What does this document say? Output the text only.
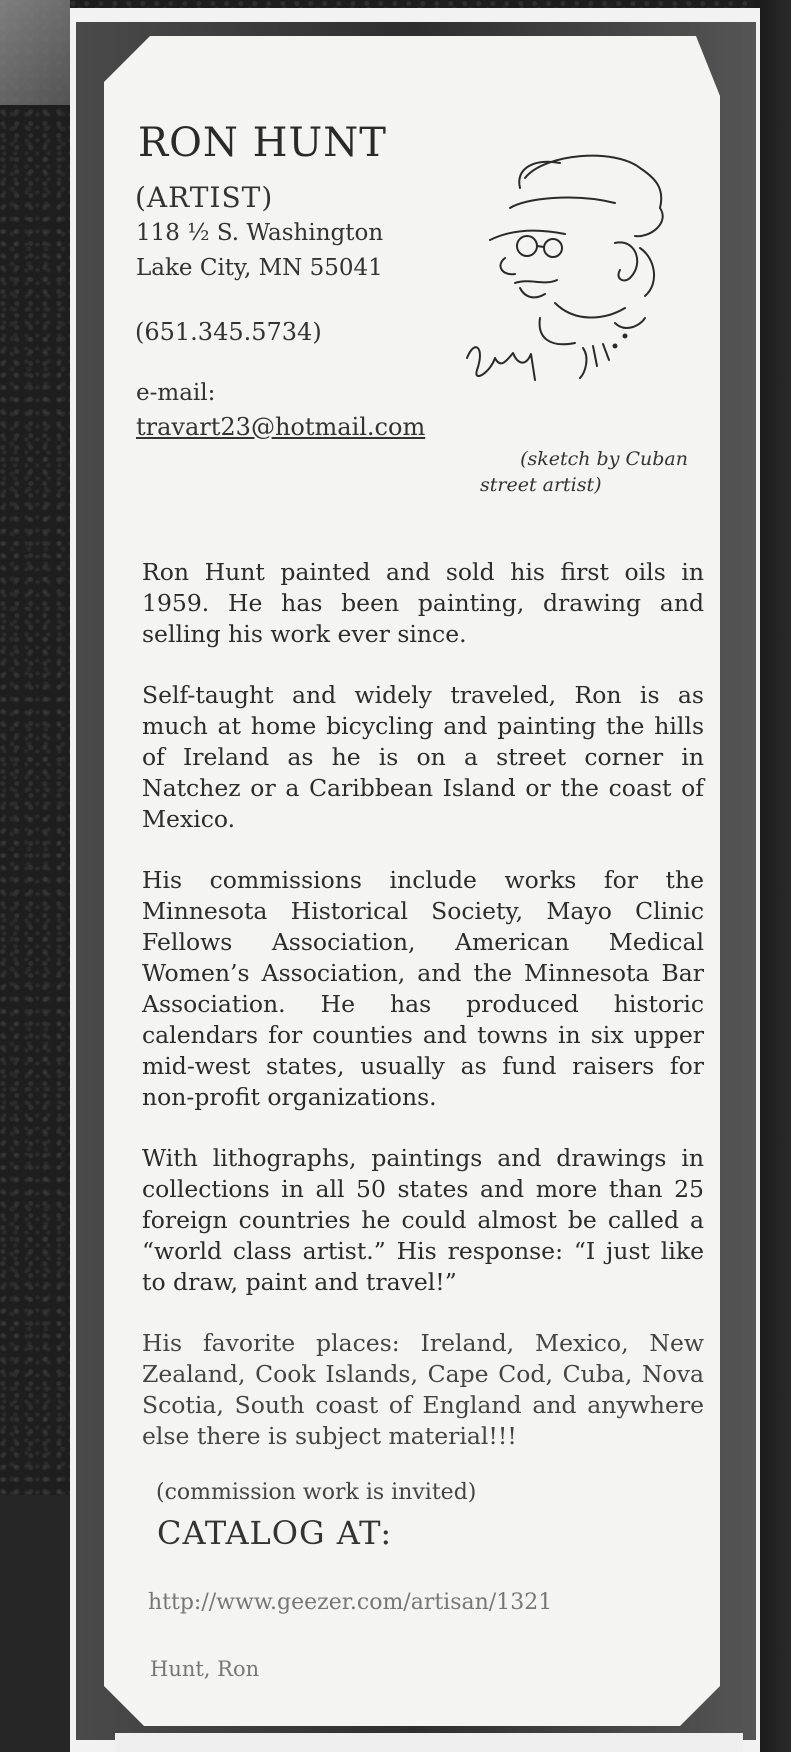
RON HUNT
(ARTIST)
118 ½ S. Washington
Lake City, MN 55041
(651.345.5734)
e-mail:
travart23@hotmail.com
(sketch by Cuban
street artist)

Ron Hunt painted and sold his first oils in 1959. He has been painting, drawing and selling his work ever since.

Self-taught and widely traveled, Ron is as much at home bicycling and painting the hills of Ireland as he is on a street corner in Natchez or a Caribbean Island or the coast of Mexico.

His commissions include works for the Minnesota Historical Society, Mayo Clinic Fellows Association, American Medical Women’s Association, and the Minnesota Bar Association. He has produced historic calendars for counties and towns in six upper mid-west states, usually as fund raisers for non-profit organizations.

With lithographs, paintings and drawings in collections in all 50 states and more than 25 foreign countries he could almost be called a “world class artist.” His response: “I just like to draw, paint and travel!”

His favorite places: Ireland, Mexico, New Zealand, Cook Islands, Cape Cod, Cuba, Nova Scotia, South coast of England and anywhere else there is subject material!!!

(commission work is invited)
CATALOG AT:
http://www.geezer.com/artisan/1321
Hunt, Ron
